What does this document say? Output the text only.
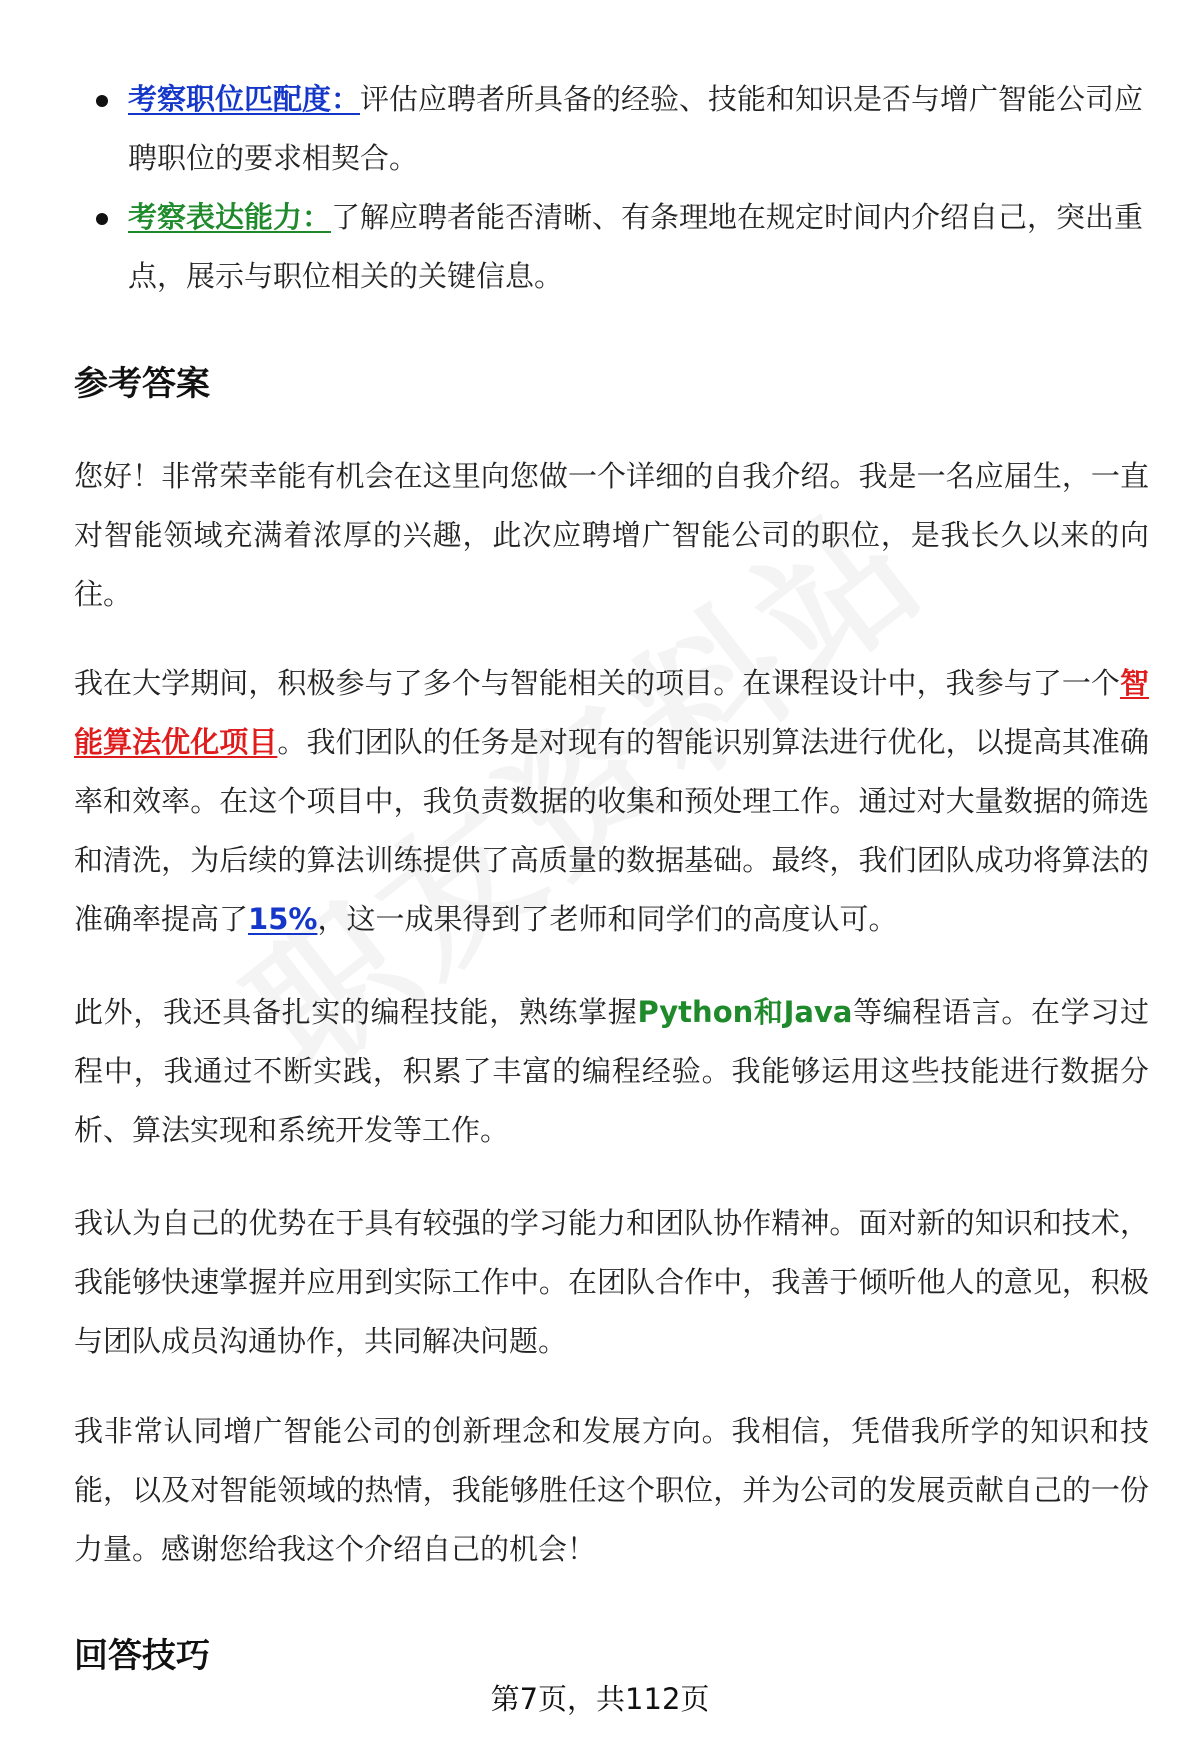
考察职位匹配度：评估应聘者所具备的经验、技能和知识是否与增广智能公司应聘职位的要求相契合。
考察表达能力：了解应聘者能否清晰、有条理地在规定时间内介绍自己，突出重点，展示与职位相关的关键信息。
参考答案

您好！非常荣幸能有机会在这里向您做一个详细的自我介绍。我是一名应届生，一直对智能领域充满着浓厚的兴趣，此次应聘增广智能公司的职位，是我长久以来的向往。

我在大学期间，积极参与了多个与智能相关的项目。在课程设计中，我参与了一个智能算法优化项目。我们团队的任务是对现有的智能识别算法进行优化，以提高其准确率和效率。在这个项目中，我负责数据的收集和预处理工作。通过对大量数据的筛选和清洗，为后续的算法训练提供了高质量的数据基础。最终，我们团队成功将算法的准确率提高了15%，这一成果得到了老师和同学们的高度认可。

此外，我还具备扎实的编程技能，熟练掌握Python和Java等编程语言。在学习过程中，我通过不断实践，积累了丰富的编程经验。我能够运用这些技能进行数据分析、算法实现和系统开发等工作。

我认为自己的优势在于具有较强的学习能力和团队协作精神。面对新的知识和技术，我能够快速掌握并应用到实际工作中。在团队合作中，我善于倾听他人的意见，积极与团队成员沟通协作，共同解决问题。

我非常认同增广智能公司的创新理念和发展方向。我相信，凭借我所学的知识和技能，以及对智能领域的热情，我能够胜任这个职位，并为公司的发展贡献自己的一份力量。感谢您给我这个介绍自己的机会！

回答技巧
第7页，共112页
